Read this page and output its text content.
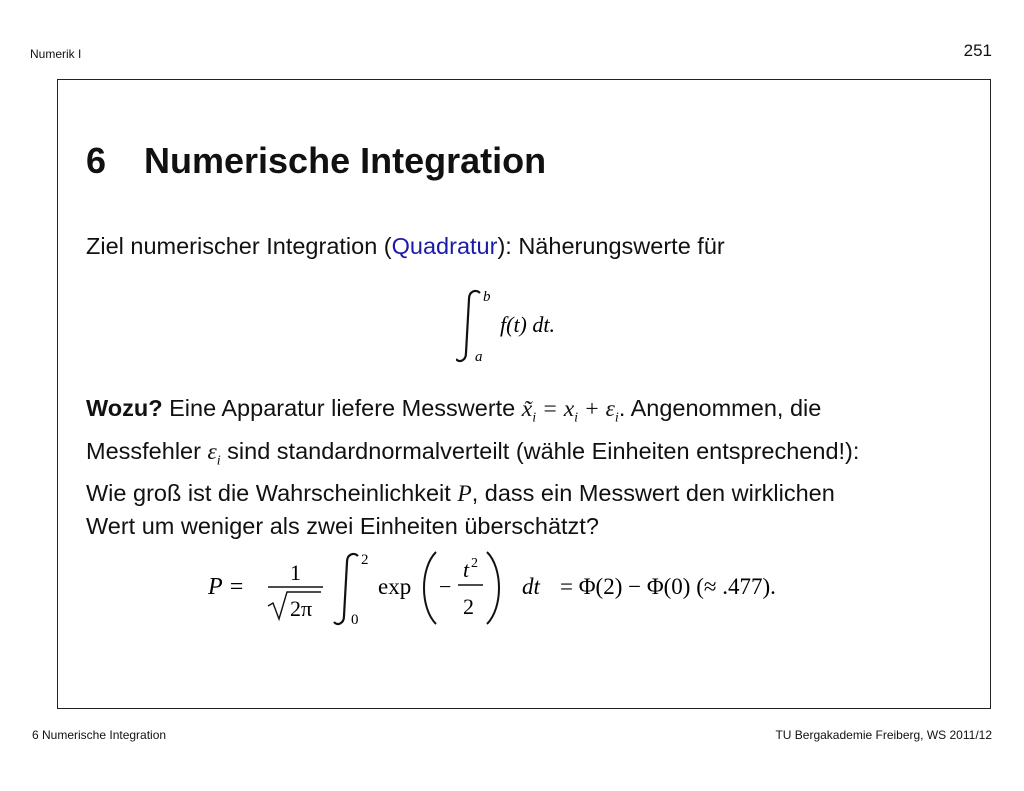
Numerik I	251
6 Numerische Integration
Ziel numerischer Integration (Quadratur): Näherungswerte für
b
a
f(t) dt.
Wozu? Eine Apparatur liefere Messwerte $x̃_i = x_i + \varepsilon_i$. Angenommen, die
Messfehler $\varepsilon_i$ sind standardnormalverteilt (wähle Einheiten entsprechend!):
Wie groß ist die Wahrscheinlichkeit P, dass ein Messwert den wirklichen
Wert um weniger als zwei Einheiten überschätzt?
P =
1
2π
2
0
exp −
t 2
2
dt = Φ(2) − Φ(0) (≈ .477).
6 Numerische Integration	TU Bergakademie Freiberg, WS 2011/12
